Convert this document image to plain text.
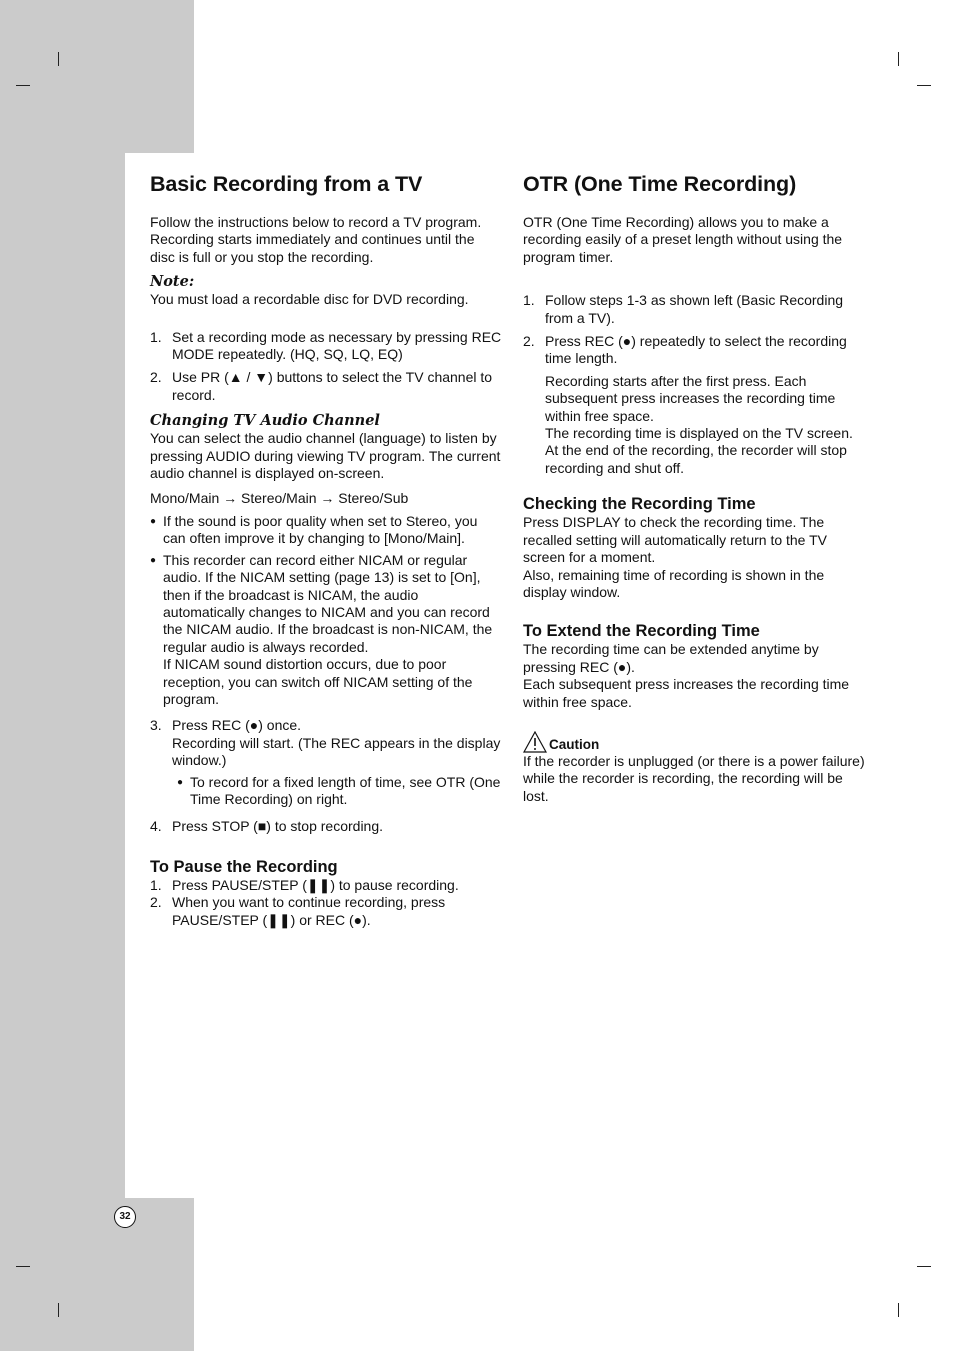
Basic Recording from a TV

Follow the instructions below to record a TV program. Recording starts immediately and continues until the disc is full or you stop the recording.

Note:

You must load a recordable disc for DVD recording.

1. Set a recording mode as necessary by pressing REC MODE repeatedly. (HQ, SQ, LQ, EQ)
2. Use PR (▲ / ▼) buttons to select the TV channel to record.
Changing TV Audio Channel

You can select the audio channel (language) to listen by pressing AUDIO during viewing TV program. The current audio channel is displayed on-screen.

Mono/Main → Stereo/Main → Stereo/Sub

● If the sound is poor quality when set to Stereo, you can often improve it by changing to [Mono/Main].
● This recorder can record either NICAM or regular audio. If the NICAM setting (page 13) is set to [On], then if the broadcast is NICAM, the audio automatically changes to NICAM and you can record the NICAM audio. If the broadcast is non-NICAM, the regular audio is always recorded.
If NICAM sound distortion occurs, due to poor reception, you can switch off NICAM setting of the program.
3. Press REC (●) once.
Recording will start. (The REC appears in the display window.)
● To record for a fixed length of time, see OTR (One Time Recording) on right.
4. Press STOP (■) to stop recording.
To Pause the Recording
1. Press PAUSE/STEP (❚❚) to pause recording.
2. When you want to continue recording, press PAUSE/STEP (❚❚) or REC (●).
OTR (One Time Recording)

OTR (One Time Recording) allows you to make a recording easily of a preset length without using the program timer.

1. Follow steps 1-3 as shown left (Basic Recording from a TV).
2. Press REC (●) repeatedly to select the recording time length.

Recording starts after the first press. Each subsequent press increases the recording time within free space.

The recording time is displayed on the TV screen.

At the end of the recording, the recorder will stop recording and shut off.

Checking the Recording Time

Press DISPLAY to check the recording time. The recalled setting will automatically return to the TV screen for a moment.

Also, remaining time of recording is shown in the display window.

To Extend the Recording Time

The recording time can be extended anytime by pressing REC (●).

Each subsequent press increases the recording time within free space.

Caution

If the recorder is unplugged (or there is a power failure) while the recorder is recording, the recording will be lost.

32
